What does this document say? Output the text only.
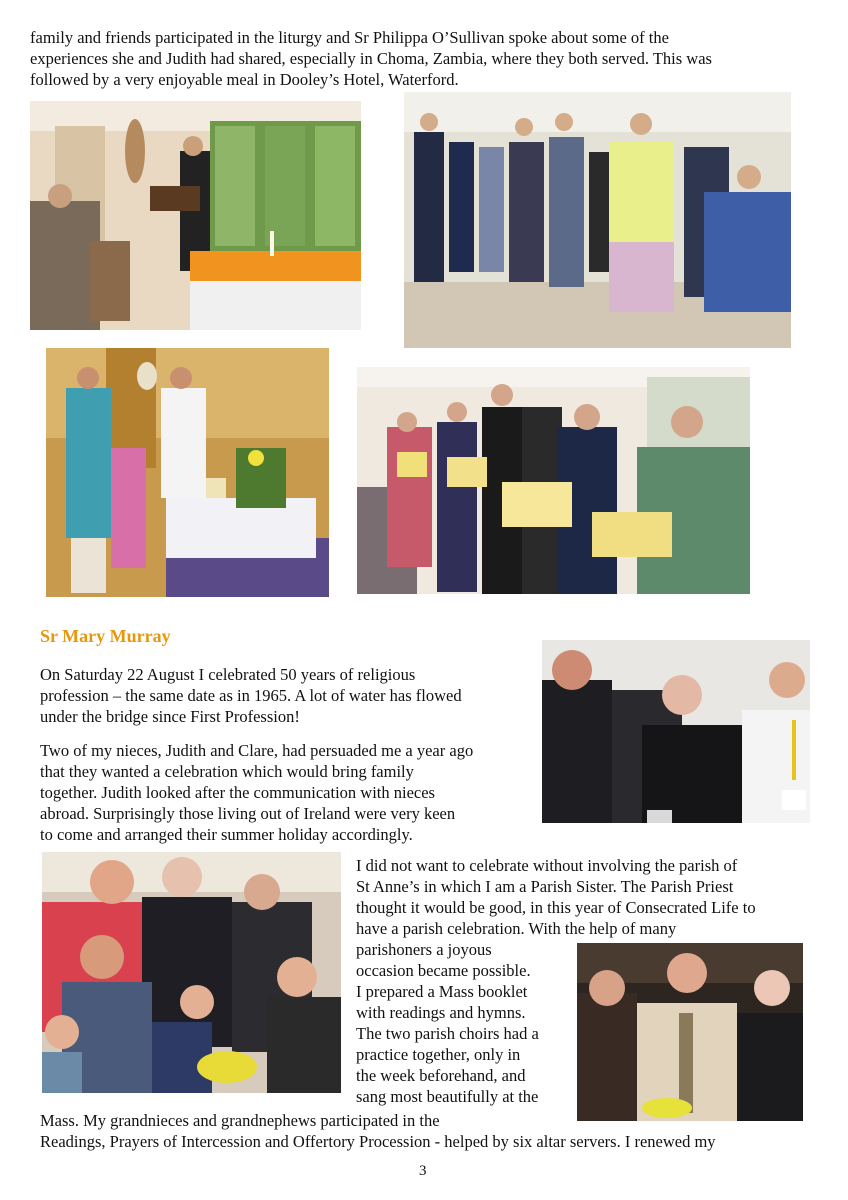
family and friends participated in the liturgy and Sr Philippa O’Sullivan spoke about some of the
experiences she and Judith had shared, especially in Choma, Zambia, where they both served. This was
followed by a very enjoyable meal in Dooley’s Hotel, Waterford.
Sr Mary Murray
On Saturday 22 August I celebrated 50 years of religious
profession – the same date as in 1965. A lot of water has flowed
under the bridge since First Profession!
Two of my nieces, Judith and Clare, had persuaded me a year ago
that they wanted a celebration which would bring family
together. Judith looked after the communication with nieces
abroad. Surprisingly those living out of Ireland were very keen
to come and arranged their summer holiday accordingly.
I did not want to celebrate without involving the parish of
St Anne’s in which I am a Parish Sister. The Parish Priest
thought it would be good, in this year of Consecrated Life to
have a parish celebration. With the help of many
parishoners a joyous
occasion became possible.
I prepared a Mass booklet
with readings and hymns.
The two parish choirs had a
practice together, only in
the week beforehand, and
sang most beautifully at the
Mass. My grandnieces and grandnephews participated in the
Readings, Prayers of Intercession and Offertory Procession - helped by six altar servers. I renewed my
3
